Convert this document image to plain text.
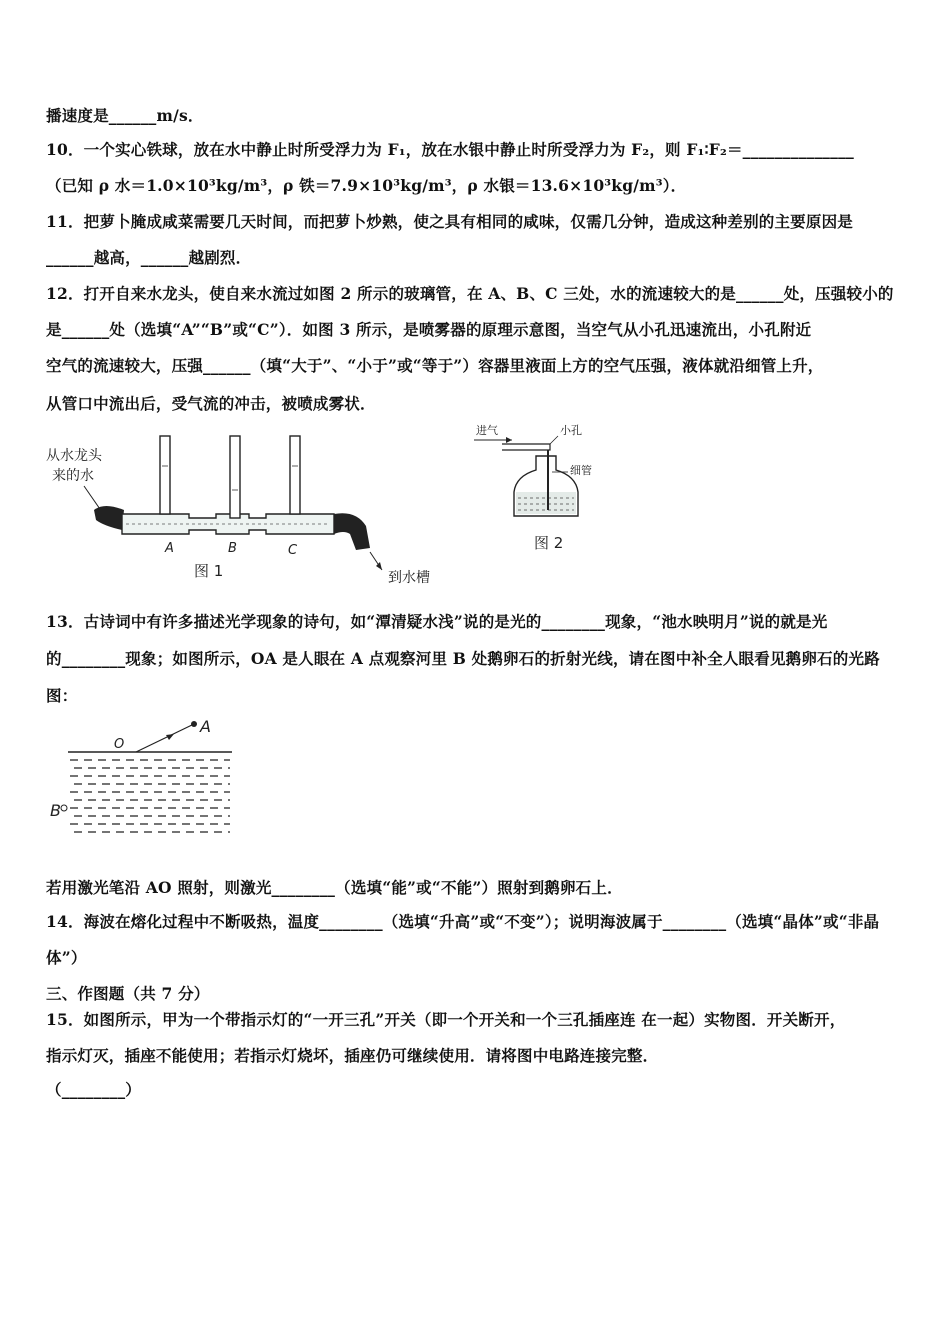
播速度是______m/s．
10．一个实心铁球，放在水中静止时所受浮力为 F₁，放在水银中静止时所受浮力为 F₂，则 F₁∶F₂＝______________
（已知 ρ 水＝1.0×10³kg/m³，ρ 铁＝7.9×10³kg/m³，ρ 水银＝13.6×10³kg/m³）．
11．把萝卜腌成咸菜需要几天时间，而把萝卜炒熟，使之具有相同的咸味，仅需几分钟，造成这种差别的主要原因是
______越高，______越剧烈．
12．打开自来水龙头，使自来水流过如图 2 所示的玻璃管，在 A、B、C 三处，水的流速较大的是______处，压强较小的
是______处（选填“A”“B”或“C”）．如图 3 所示，是喷雾器的原理示意图，当空气从小孔迅速流出，小孔附近
空气的流速较大，压强______（填“大于”、“小于”或“等于”）容器里液面上方的空气压强，液体就沿细管上升，
从管口中流出后，受气流的冲击，被喷成雾状．
从水龙头
来的水
A	B	C
图 1	到水槽
进气	小孔
细管
图 2
13．古诗词中有许多描述光学现象的诗句，如“潭清疑水浅”说的是光的________现象，“池水映明月”说的就是光
的________现象；如图所示，OA 是人眼在 A 点观察河里 B 处鹅卵石的折射光线，请在图中补全人眼看见鹅卵石的光路
图：
O
A
B
若用激光笔沿 AO 照射，则激光________（选填“能”或“不能”）照射到鹅卵石上．
14．海波在熔化过程中不断吸热，温度________（选填“升高”或“不变”）；说明海波属于________（选填“晶体”或“非晶
体”）
三、作图题（共 7 分）
15．如图所示，甲为一个带指示灯的“一开三孔”开关（即一个开关和一个三孔插座连 在一起）实物图．开关断开，
指示灯灭，插座不能使用；若指示灯烧坏，插座仍可继续使用．请将图中电路连接完整．
（________）
